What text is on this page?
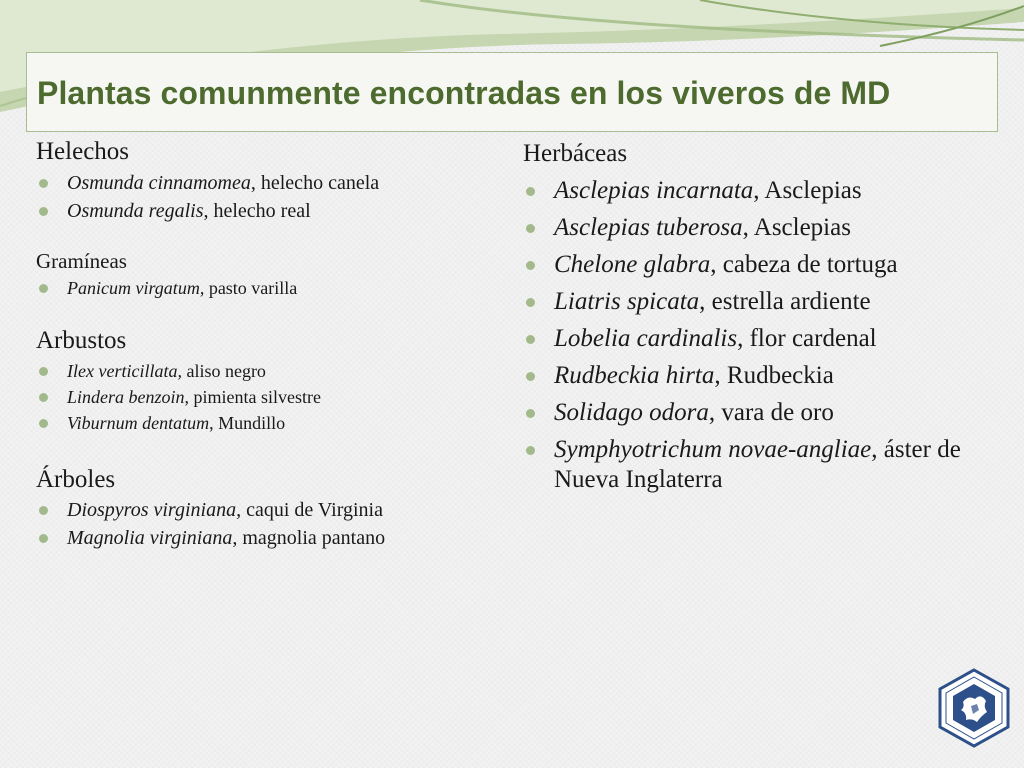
Plantas comunmente encontradas en los viveros de MD

Helechos

Osmunda cinnamomea, helecho canela
Osmunda regalis, helecho real

Gramíneas

Panicum virgatum, pasto varilla

Arbustos

Ilex verticillata, aliso negro
Lindera benzoin, pimienta silvestre
Viburnum dentatum, Mundillo

Árboles

Diospyros virginiana, caqui de Virginia
Magnolia virginiana, magnolia pantano

Herbáceas

Asclepias incarnata, Asclepias
Asclepias tuberosa, Asclepias
Chelone glabra, cabeza de tortuga
Liatris spicata, estrella ardiente
Lobelia cardinalis, flor cardenal
Rudbeckia hirta, Rudbeckia
Solidago odora, vara de oro
Symphyotrichum novae-angliae, áster de Nueva Inglaterra
